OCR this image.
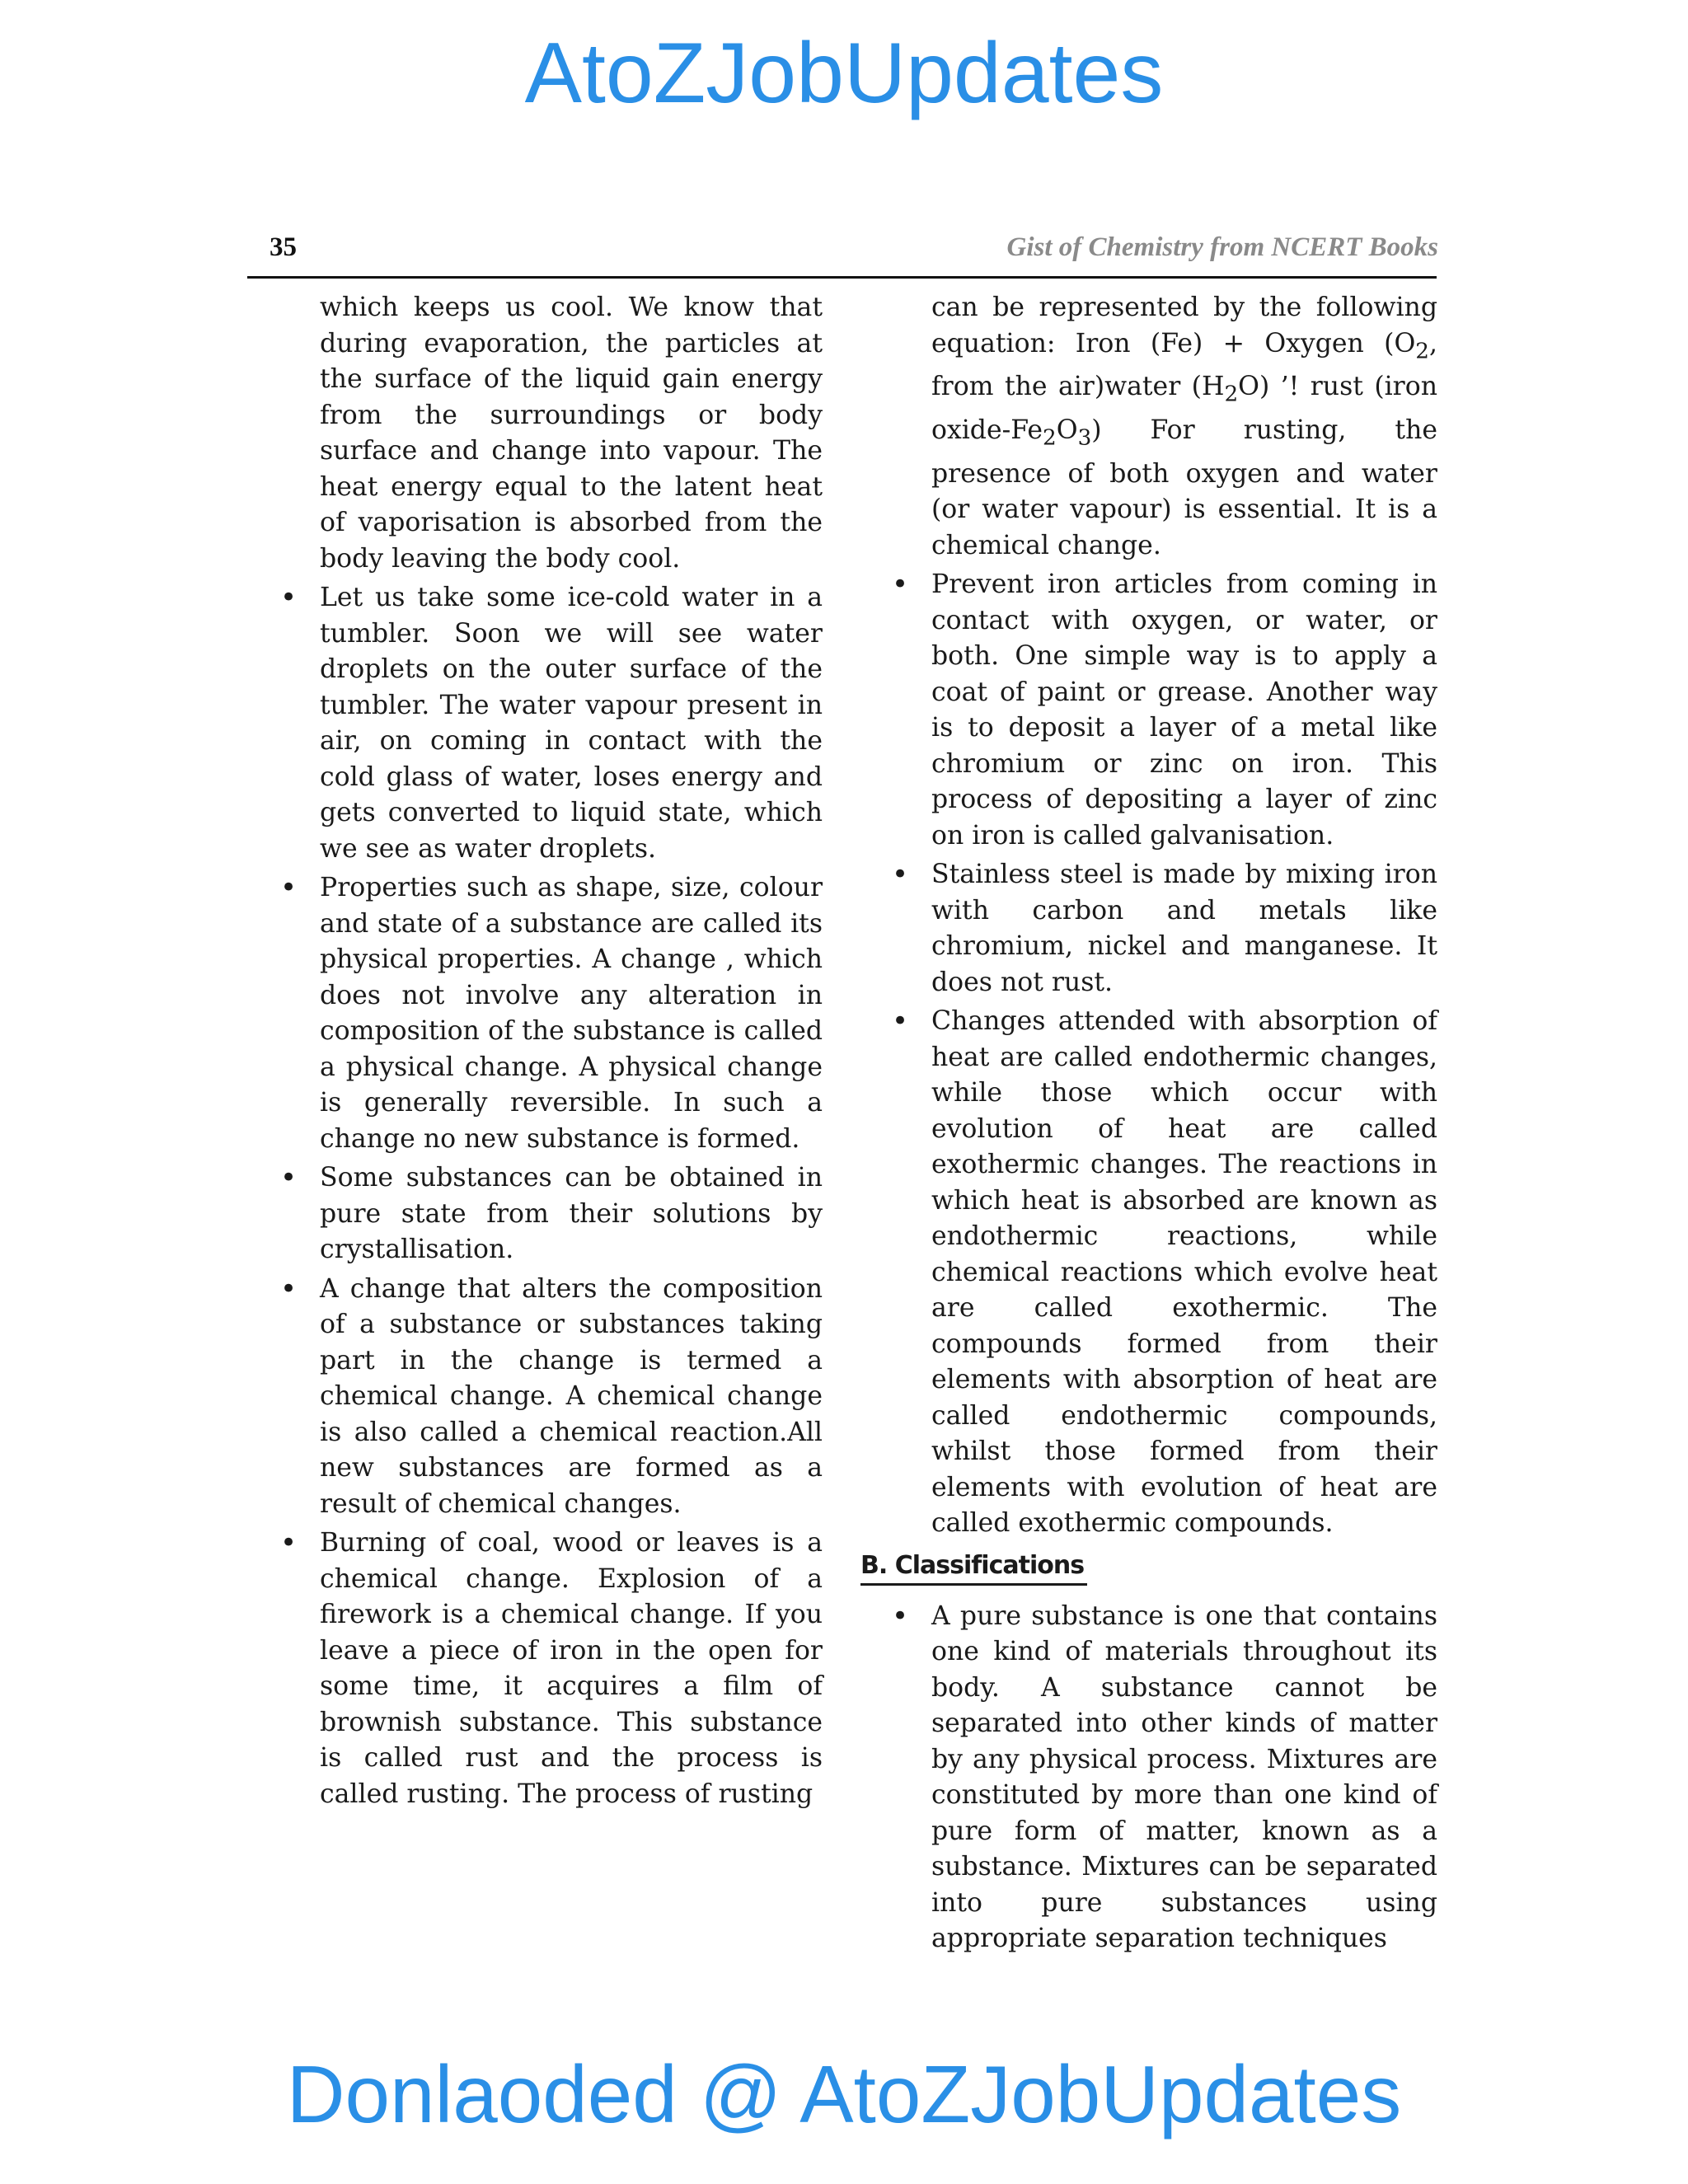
AtoZJobUpdates
35	Gist of Chemistry from NCERT Books

which keeps us cool. We know that during evaporation, the particles at the surface of the liquid gain energy from the surroundings or body surface and change into vapour. The heat energy equal to the latent heat of vaporisation is absorbed from the body leaving the body cool.

• Let us take some ice-cold water in a tumbler. Soon we will see water droplets on the outer surface of the tumbler. The water vapour present in air, on coming in contact with the cold glass of water, loses energy and gets converted to liquid state, which we see as water droplets.
• Properties such as shape, size, colour and state of a substance are called its physical properties. A change , which does not involve any alteration in composition of the substance is called a physical change. A physical change is generally reversible. In such a change no new substance is formed.
• Some substances can be obtained in pure state from their solutions by crystallisation.
• A change that alters the composition of a substance or substances taking part in the change is termed a chemical change. A chemical change is also called a chemical reaction.All new substances are formed as a result of chemical changes.
• Burning of coal, wood or leaves is a chemical change. Explosion of a firework is a chemical change. If you leave a piece of iron in the open for some time, it acquires a film of brownish substance. This substance is called rust and the process is called rusting. The process of rusting

can be represented by the following equation: Iron (Fe) + Oxygen ($O_2$, from the air)water $(H_2O)$ ’! rust (iron oxide-$Fe_2O_3$) For rusting, the presence of both oxygen and water (or water vapour) is essential. It is a chemical change.

• Prevent iron articles from coming in contact with oxygen, or water, or both. One simple way is to apply a coat of paint or grease. Another way is to deposit a layer of a metal like chromium or zinc on iron. This process of depositing a layer of zinc on iron is called galvanisation.
• Stainless steel is made by mixing iron with carbon and metals like chromium, nickel and manganese. It does not rust.
• Changes attended with absorption of heat are called endothermic changes, while those which occur with evolution of heat are called exothermic changes. The reactions in which heat is absorbed are known as endothermic reactions, while chemical reactions which evolve heat are called exothermic. The compounds formed from their elements with absorption of heat are called endothermic compounds, whilst those formed from their elements with evolution of heat are called exothermic compounds.
B. Classifications
• A pure substance is one that contains one kind of materials throughout its body. A substance cannot be separated into other kinds of matter by any physical process. Mixtures are constituted by more than one kind of pure form of matter, known as a substance. Mixtures can be separated into pure substances using appropriate separation techniques
Donlaoded @ AtoZJobUpdates
